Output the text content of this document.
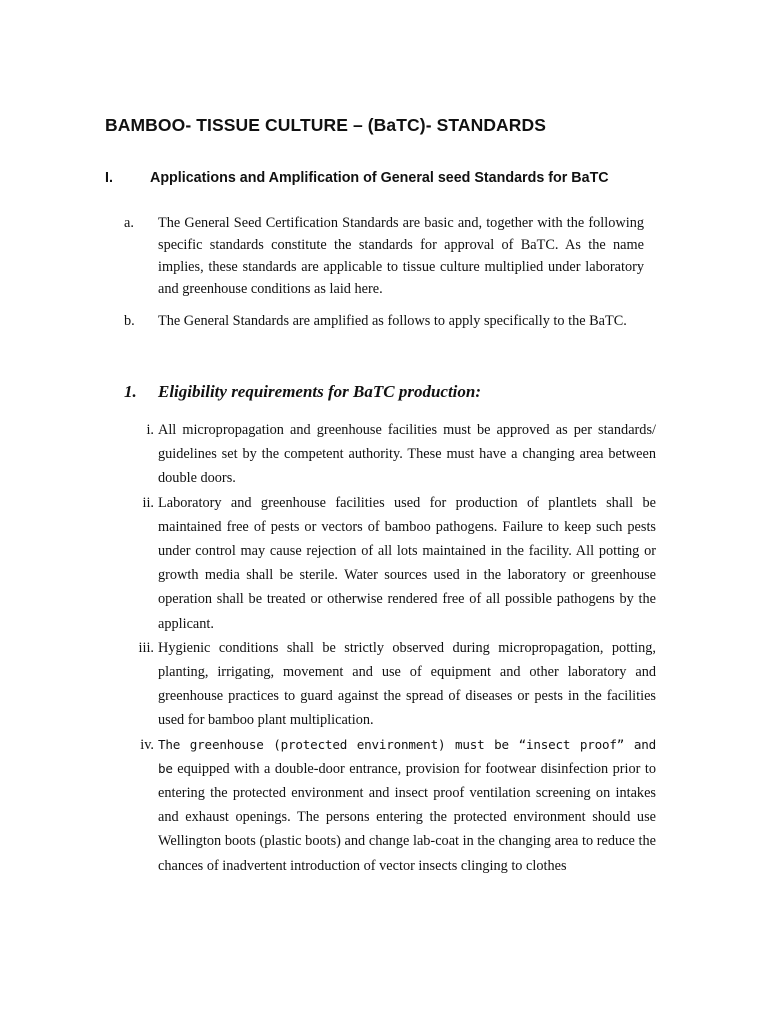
BAMBOO- TISSUE CULTURE – (BaTC)- STANDARDS
I.	Applications and Amplification of General seed Standards for BaTC
a. The General Seed Certification Standards are basic and, together with the following specific standards constitute the standards for approval of BaTC. As the name implies, these standards are applicable to tissue culture multiplied under laboratory and greenhouse conditions as laid here.
b. The General Standards are amplified as follows to apply specifically to the BaTC.
1. Eligibility requirements for BaTC production:
i. All micropropagation and greenhouse facilities must be approved as per standards/ guidelines set by the competent authority. These must have a changing area between double doors.
ii. Laboratory and greenhouse facilities used for production of plantlets shall be maintained free of pests or vectors of bamboo pathogens. Failure to keep such pests under control may cause rejection of all lots maintained in the facility. All potting or growth media shall be sterile. Water sources used in the laboratory or greenhouse operation shall be treated or otherwise rendered free of all possible pathogens by the applicant.
iii. Hygienic conditions shall be strictly observed during micropropagation, potting, planting, irrigating, movement and use of equipment and other laboratory and greenhouse practices to guard against the spread of diseases or pests in the facilities used for bamboo plant multiplication.
iv. The greenhouse (protected environment) must be “insect proof” and be equipped with a double-door entrance, provision for footwear disinfection prior to entering the protected environment and insect proof ventilation screening on intakes and exhaust openings. The persons entering the protected environment should use Wellington boots (plastic boots) and change lab-coat in the changing area to reduce the chances of inadvertent introduction of vector insects clinging to clothes
